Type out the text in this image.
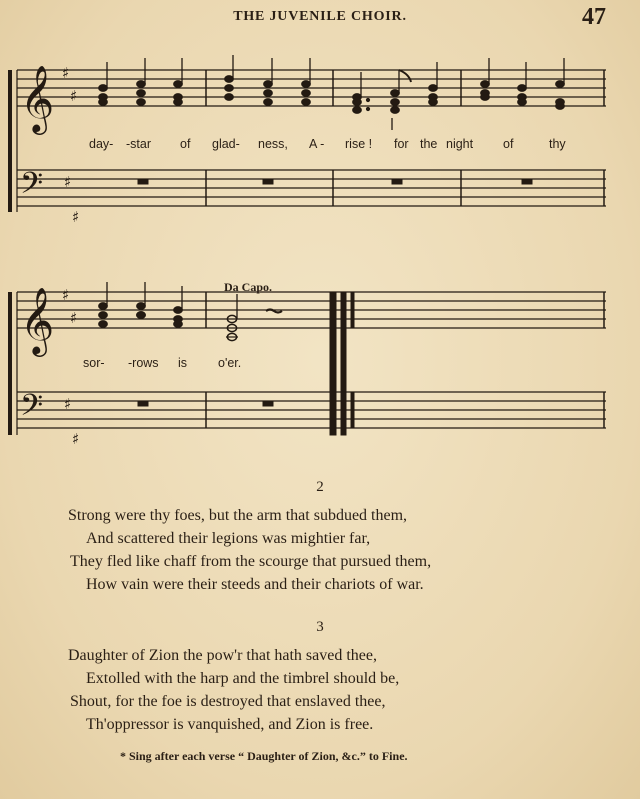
THE JUVENILE CHOIR.	47
𝄞 ♯
♯
𝄢 ♯
♯
𝄞 ♯
♯
𝄢 ♯
♯
day- -star of glad- ness, A - rise ! for the night of	thy
Da Capo.
sor- -rows is o'er.
2
Strong were thy foes, but the arm that subdued them,
And scattered their legions was mightier far,
They fled like chaff from the scourge that pursued them,
How vain were their steeds and their chariots of war.
3
Daughter of Zion the pow'r that hath saved thee,
Extolled with the harp and the timbrel should be,
Shout, for the foe is destroyed that enslaved thee,
Th'oppressor is vanquished, and Zion is free.
* Sing after each verse “ Daughter of Zion, &c.” to Fine.
